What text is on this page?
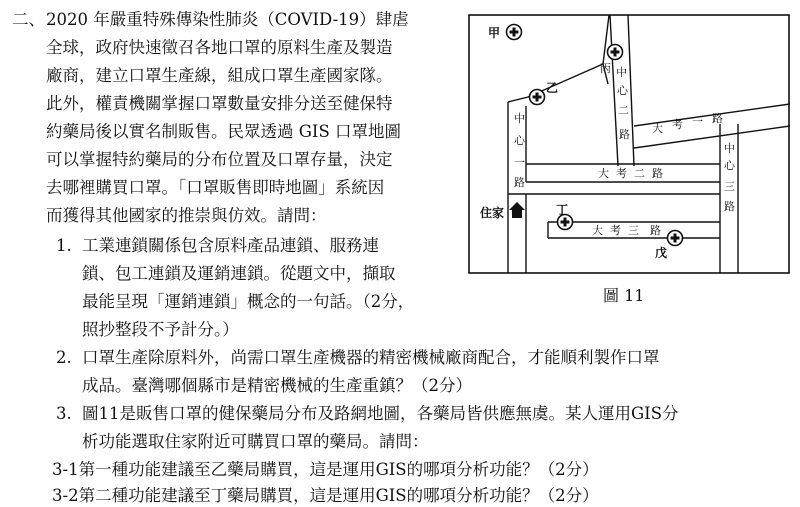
二、 2020 年嚴重特殊傳染性肺炎（COVID-19）肆虐
全球，政府快速徵召各地口罩的原料生產及製造
廠商，建立口罩生產線，組成口罩生產國家隊。
此外，權責機關掌握口罩數量安排分送至健保特
約藥局後以實名制販售。民眾透過 GIS 口罩地圖
可以掌握特約藥局的分布位置及口罩存量，決定
去哪裡購買口罩。「口罩販售即時地圖」系統因
而獲得其他國家的推崇與仿效。請問：
1. 工業連鎖關係包含原料產品連鎖、服務連
鎖、包工連鎖及運銷連鎖。從題文中，擷取
最能呈現「運銷連鎖」概念的一句話。（2分，
照抄整段不予計分。）
2. 口罩生產除原料外，尚需口罩生產機器的精密機械廠商配合，才能順利製作口罩
成品。臺灣哪個縣市是精密機械的生產重鎮？（2分）
3. 圖11是販售口罩的健保藥局分布及路網地圖，各藥局皆供應無虞。某人運用GIS分
析功能選取住家附近可購買口罩的藥局。請問：
3-1第一種功能建議至乙藥局購買，這是運用GIS的哪項分析功能？（2分）
3-2第二種功能建議至丁藥局購買，這是運用GIS的哪項分析功能？（2分）
中
心
一
路
中
心
二
路
中
心
三
路
大 考 一 路
大 考 二 路
大 考 三 路
甲
丙
乙
丁
戊
住家
圖 11
